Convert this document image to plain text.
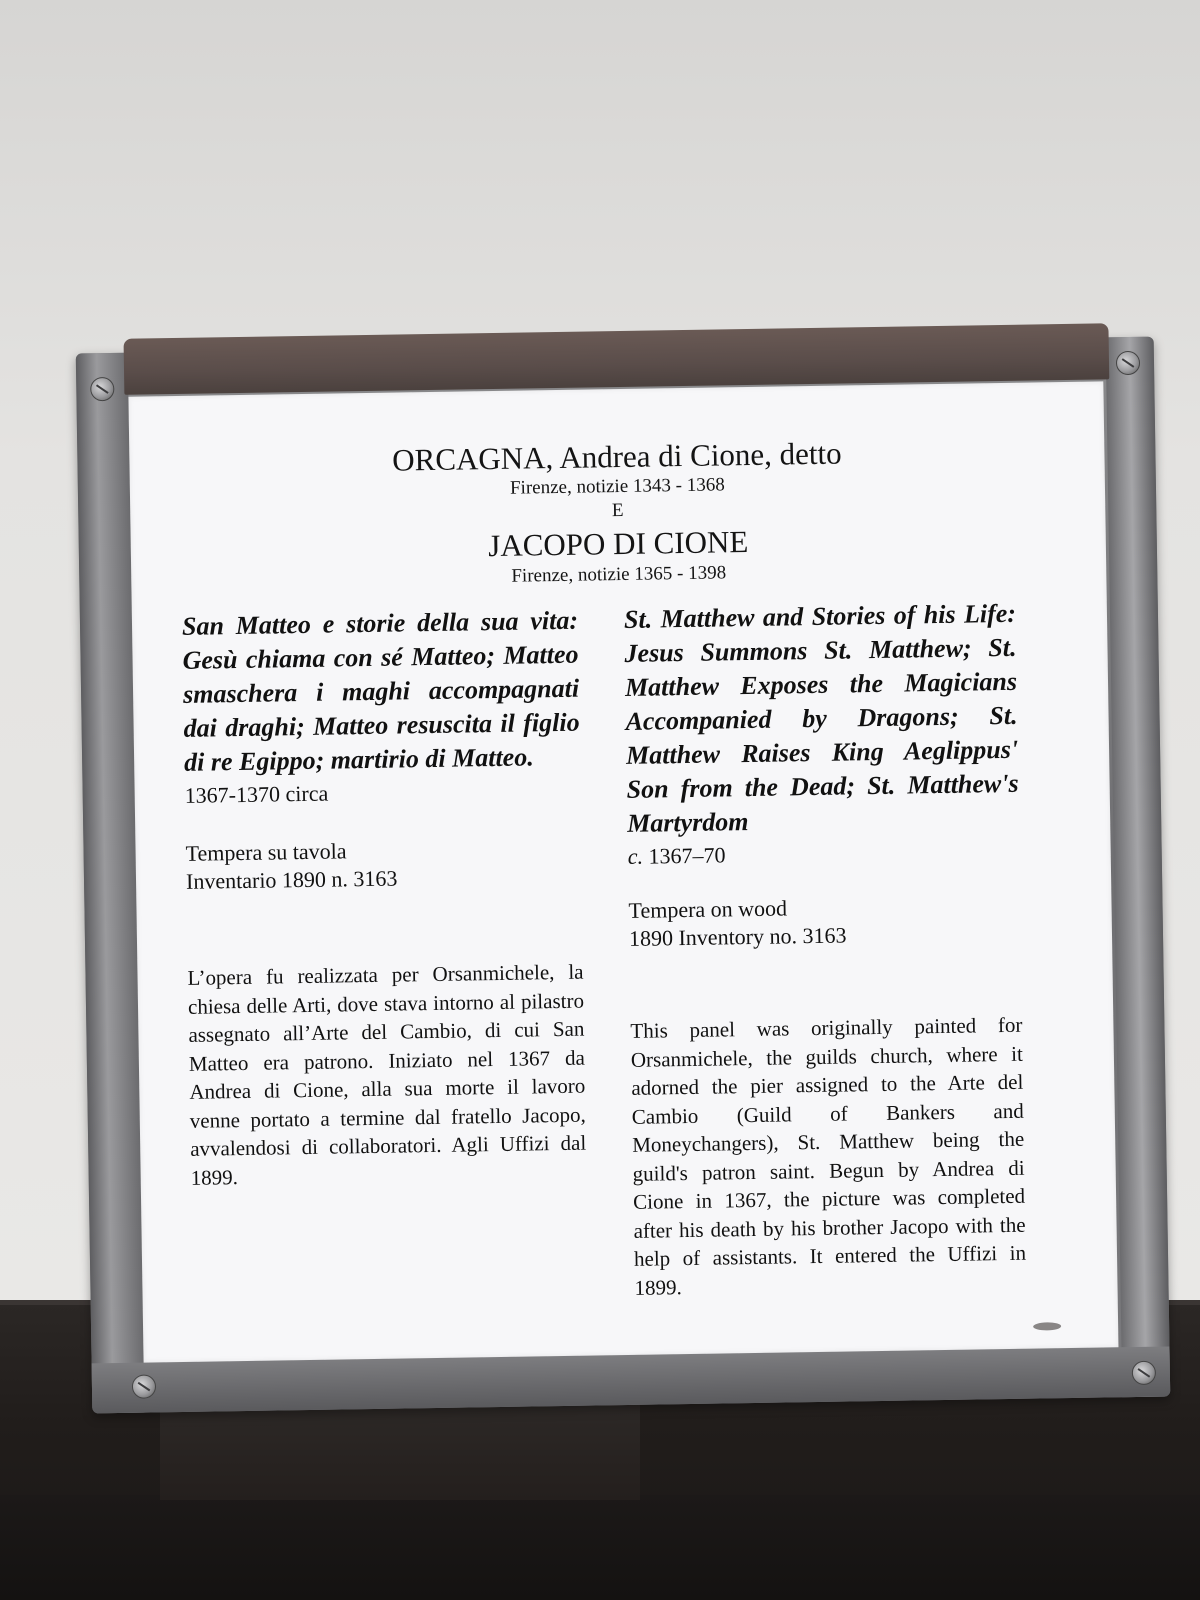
ORCAGNA, Andrea di Cione, detto
Firenze, notizie 1343 - 1368
E
JACOPO DI CIONE
Firenze, notizie 1365 - 1398
San Matteo e storie della sua vita: Gesù chiama con sé Matteo; Matteo smaschera i maghi accompagnati dai draghi; Matteo resuscita il figlio di re Egippo; martirio di Matteo.
1367-1370 circa
Tempera su tavola
Inventario 1890 n. 3163
L’opera fu realizzata per Orsanmichele, la chiesa delle Arti, dove stava intorno al pilastro assegnato all’Arte del Cambio, di cui San Matteo era patrono. Iniziato nel 1367 da Andrea di Cione, alla sua morte il lavoro venne portato a termine dal fratello Jacopo, avvalendosi di collaboratori. Agli Uffizi dal 1899.
St. Matthew and Stories of his Life: Jesus Summons St. Matthew; St. Matthew Exposes the Magicians Accompanied by Dragons; St. Matthew Raises King Aeglippus' Son from the Dead; St. Matthew's Martyrdom
c. 1367–70
Tempera on wood
1890 Inventory no. 3163
This panel was originally painted for Orsanmichele, the guilds church, where it adorned the pier assigned to the Arte del Cambio (Guild of Bankers and Moneychangers), St. Matthew being the guild's patron saint. Begun by Andrea di Cione in 1367, the picture was completed after his death by his brother Jacopo with the help of assistants. It entered the Uffizi in 1899.
